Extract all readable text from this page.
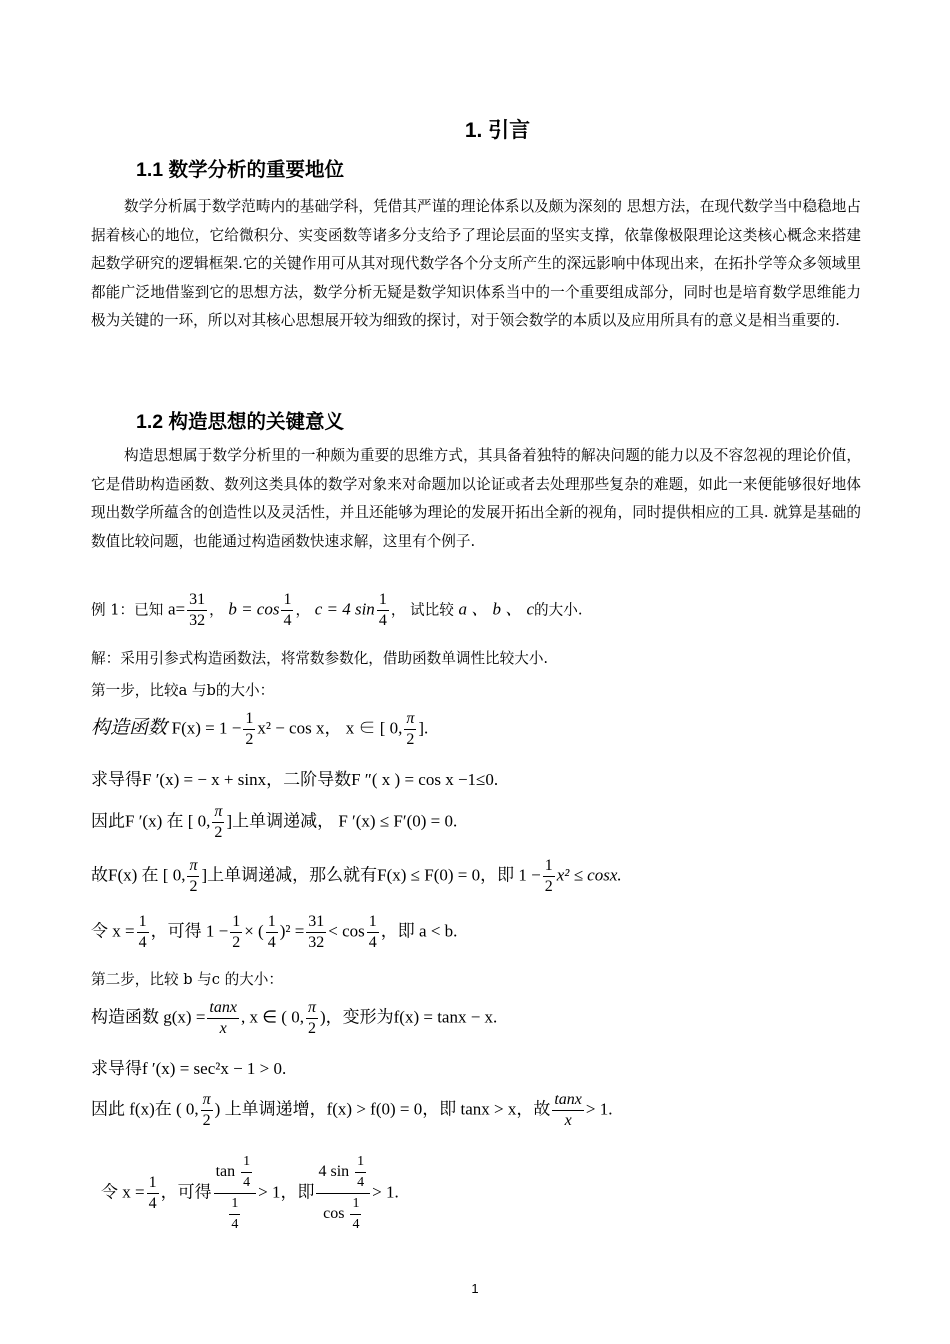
1. 引言
1.1 数学分析的重要地位
数学分析属于数学范畴内的基础学科，凭借其严谨的理论体系以及颇为深刻的 思想方法，在现代数学当中稳稳地占据着核心的地位，它给微积分、实变函数等诸多分支给予了理论层面的坚实支撑，依靠像极限理论这类核心概念来搭建起数学研究的逻辑框架.它的关键作用可从其对现代数学各个分支所产生的深远影响中体现出来，在拓扑学等众多领域里都能广泛地借鉴到它的思想方法，数学分析无疑是数学知识体系当中的一个重要组成部分，同时也是培育数学思维能力极为关键的一环，所以对其核心思想展开较为细致的探讨，对于领会数学的本质以及应用所具有的意义是相当重要的.
1.2 构造思想的关键意义
构造思想属于数学分析里的一种颇为重要的思维方式，其具备着独特的解决问题的能力以及不容忽视的理论价值，它是借助构造函数、数列这类具体的数学对象来对命题加以论证或者去处理那些复杂的难题，如此一来便能够很好地体现出数学所蕴含的创造性以及灵活性，并且还能够为理论的发展开拓出全新的视角，同时提供相应的工具. 就算是基础的数值比较问题，也能通过构造函数快速求解，这里有个例子.
例 1：已知 $a= \frac{31}{32}$ ， $b = \cos \frac{1}{4}$ ， c = 4 $\sin \frac{1}{4}$ ， 试比较 a 、 b 、 c的大小.
解：采用引参式构造函数法，将常数参数化，借助函数单调性比较大小.
第一步，比较a 与b的大小：
构造函数 $F(x) = 1 - \frac{1}{2} x^2 - \cos x$， x ∈ [ 0, $\frac{\pi}{2}$ ].
求导得F ′(x) = − x + sinx，二阶导数F ″( x ) = cos x −1≤0.
因此F ′(x) 在 [ 0, $\frac{\pi}{2}$ ]上单调递减， F ′(x) ≤ F′(0) = 0.
故F(x) 在 [ 0, $\frac{\pi}{2}$ ]上单调递减，那么就有F(x) ≤ F(0) = 0，即 $1 - \frac{1}{2} x^2 \le \cos x$.
令 $x = \frac{1}{4}$ ，可得 $1 - \frac{1}{2}$ × ( $\frac{1}{4} )^2 = \frac{31}{32} < \cos \frac{1}{4}$ ，即 a < b.
第二步，比较 b 与c 的大小：
构造函数 $g(x) = \frac{\tan x}{x}$ , x ∈ ( 0, $\frac{\pi}{2}$ )，变形为f(x) = tanx − x.
求导得f ′(x) = sec²x − 1 > 0.
因此 f(x)在 ( 0, $\frac{\pi}{2}$ ) 上单调递增，f(x) > f(0) = 0，即 tanx > x，故 $\frac{\tan x}{x} > 1$.
令 $x = \frac{1}{4}$ ，可得 $\frac{\tan \frac{1}{4}}{\frac{1}{4}} > 1$，即 $\frac{4 \sin \frac{1}{4}}{\cos \frac{1}{4}} > 1$.
1
